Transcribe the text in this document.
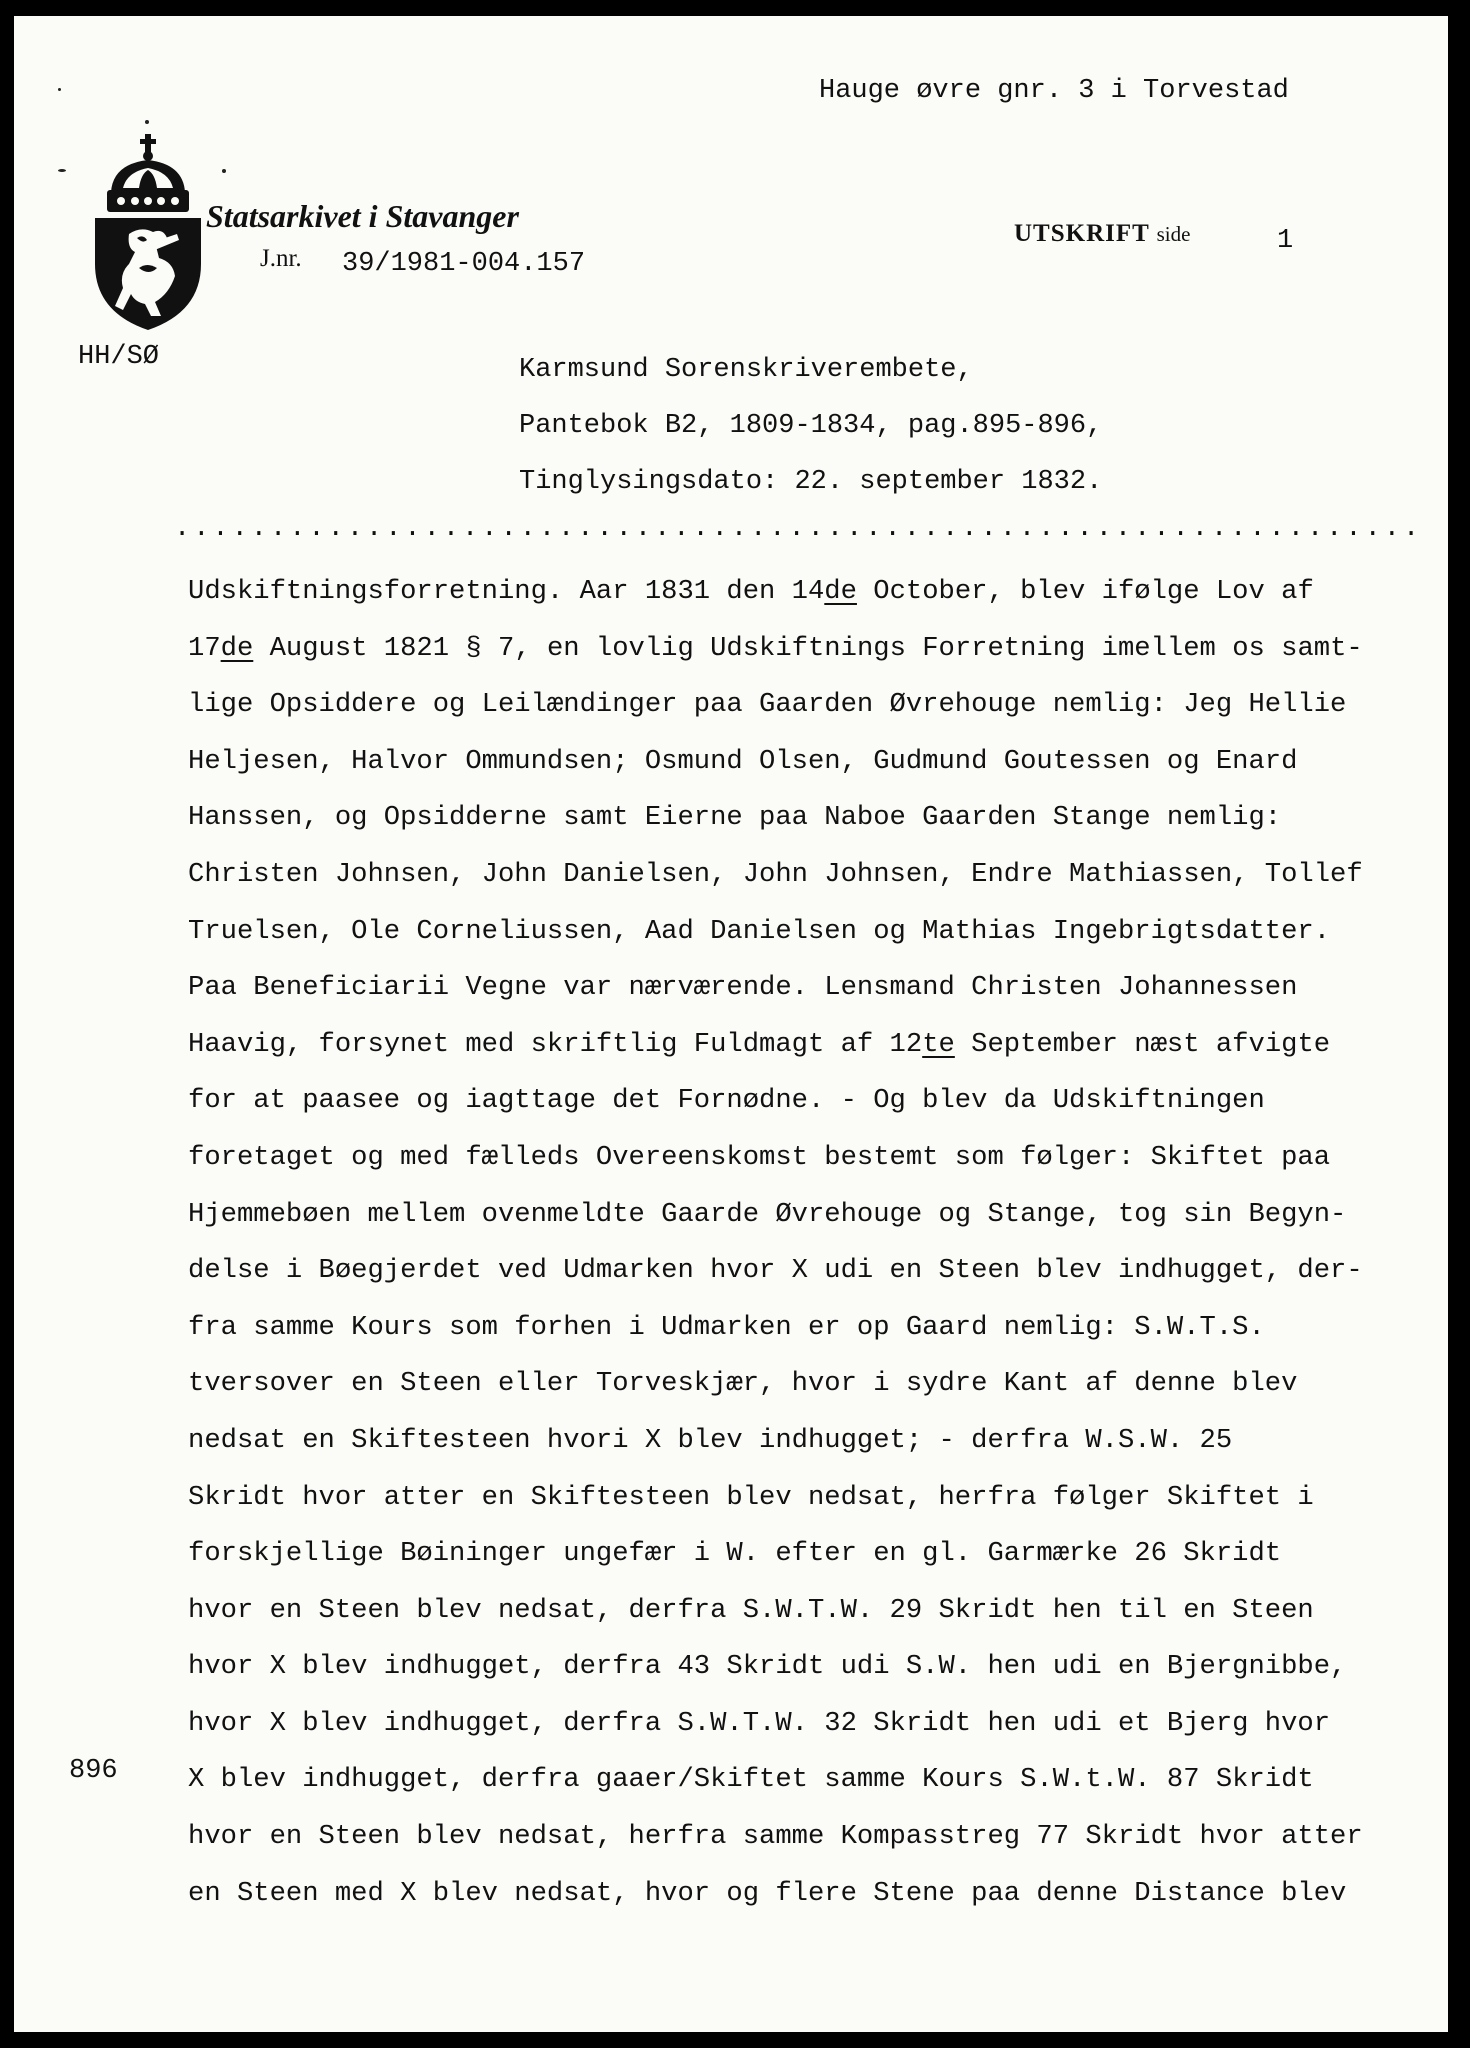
Hauge øvre gnr. 3 i Torvestad
Statsarkivet i Stavanger
J.nr. 39/1981-004.157
UTSKRIFT side	1
HH/SØ	Karmsund Sorenskriverembete,
Pantebok B2, 1809-1834, pag.895-896,
Tinglysingsdato: 22. september 1832.
.................................................................
896
Udskiftningsforretning. Aar 1831 den 14de October, blev ifølge Lov af
17de August 1821 § 7, en lovlig Udskiftnings Forretning imellem os samt-
lige Opsiddere og Leilændinger paa Gaarden Øvrehouge nemlig: Jeg Hellie
Heljesen, Halvor Ommundsen; Osmund Olsen, Gudmund Goutessen og Enard
Hanssen, og Opsidderne samt Eierne paa Naboe Gaarden Stange nemlig:
Christen Johnsen, John Danielsen, John Johnsen, Endre Mathiassen, Tollef
Truelsen, Ole Corneliussen, Aad Danielsen og Mathias Ingebrigtsdatter.
Paa Beneficiarii Vegne var nærværende. Lensmand Christen Johannessen
Haavig, forsynet med skriftlig Fuldmagt af 12te September næst afvigte
for at paasee og iagttage det Fornødne. - Og blev da Udskiftningen
foretaget og med fælleds Overeenskomst bestemt som følger: Skiftet paa
Hjemmebøen mellem ovenmeldte Gaarde Øvrehouge og Stange, tog sin Begyn-
delse i Bøegjerdet ved Udmarken hvor X udi en Steen blev indhugget, der-
fra samme Kours som forhen i Udmarken er op Gaard nemlig: S.W.T.S.
tversover en Steen eller Torveskjær, hvor i sydre Kant af denne blev
nedsat en Skiftesteen hvori X blev indhugget; - derfra W.S.W. 25
Skridt hvor atter en Skiftesteen blev nedsat, herfra følger Skiftet i
forskjellige Bøininger ungefær i W. efter en gl. Garmærke 26 Skridt
hvor en Steen blev nedsat, derfra S.W.T.W. 29 Skridt hen til en Steen
hvor X blev indhugget, derfra 43 Skridt udi S.W. hen udi en Bjergnibbe,
hvor X blev indhugget, derfra S.W.T.W. 32 Skridt hen udi et Bjerg hvor
X blev indhugget, derfra gaaer/Skiftet samme Kours S.W.t.W. 87 Skridt
hvor en Steen blev nedsat, herfra samme Kompasstreg 77 Skridt hvor atter
en Steen med X blev nedsat, hvor og flere Stene paa denne Distance blev
